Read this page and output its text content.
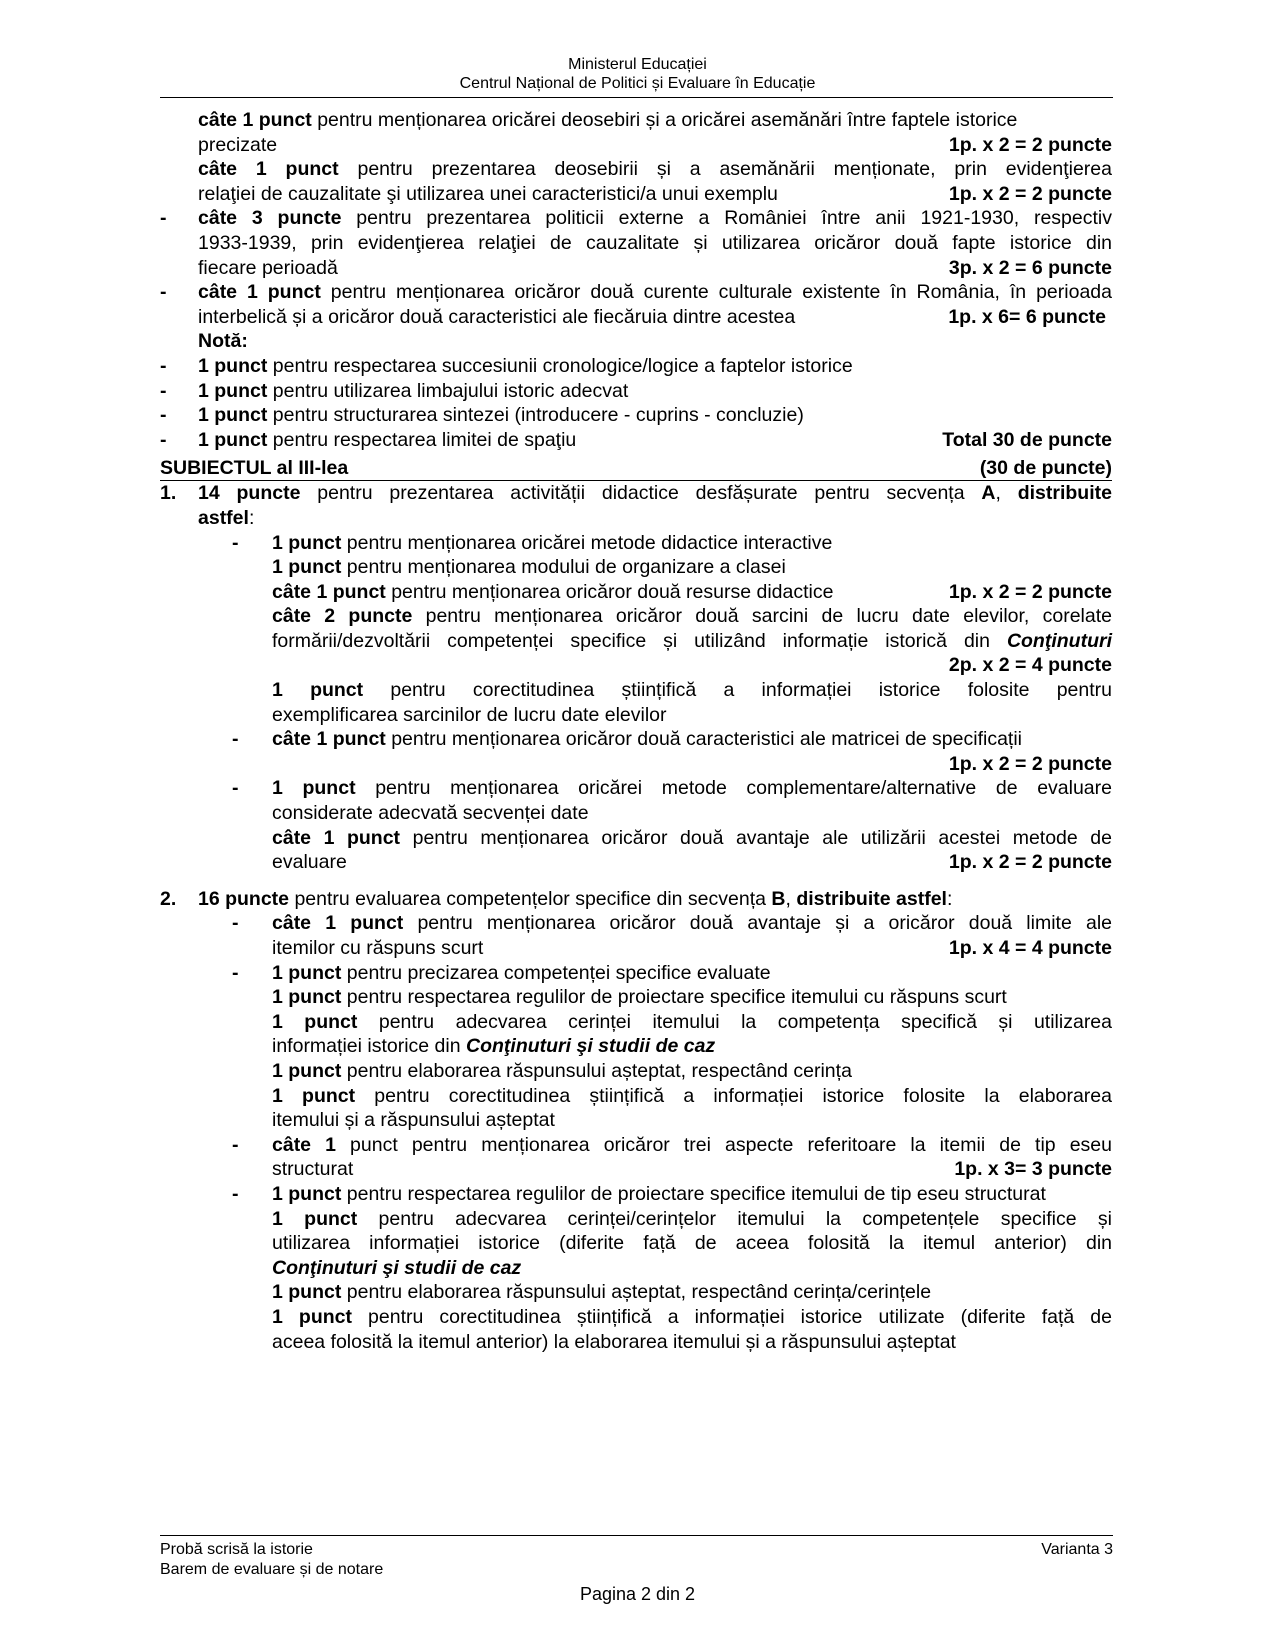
Ministerul Educației
Centrul Național de Politici și Evaluare în Educație
câte 1 punct pentru menționarea oricărei deosebiri și a oricărei asemănări între faptele istorice
precizate	1p. x 2 = 2 puncte
câte 1 punct pentru prezentarea deosebirii și a asemănării menționate, prin evidenţierea
relaţiei de cauzalitate şi utilizarea unei caracteristici/a unui exemplu	1p. x 2 = 2 puncte
- câte 3 puncte pentru prezentarea politicii externe a României între anii 1921-1930, respectiv
1933-1939, prin evidenţierea relaţiei de cauzalitate și utilizarea oricăror două fapte istorice din
fiecare perioadă	3p. x 2 = 6 puncte
- câte 1 punct pentru menționarea oricăror două curente culturale existente în România, în perioada
interbelică și a oricăror două caracteristici ale fiecăruia dintre acestea	1p. x 6= 6 puncte
Notă:
- 1 punct pentru respectarea succesiunii cronologice/logice a faptelor istorice
- 1 punct pentru utilizarea limbajului istoric adecvat
- 1 punct pentru structurarea sintezei (introducere - cuprins - concluzie)
- 1 punct pentru respectarea limitei de spaţiu	Total 30 de puncte
SUBIECTUL al III-lea	(30 de puncte)
1. 14 puncte pentru prezentarea activității didactice desfășurate pentru secvența A, distribuite
astfel:
- 1 punct pentru menționarea oricărei metode didactice interactive
1 punct pentru menționarea modului de organizare a clasei
câte 1 punct pentru menționarea oricăror două resurse didactice	1p. x 2 = 2 puncte
câte 2 puncte pentru menționarea oricăror două sarcini de lucru date elevilor, corelate
formării/dezvoltării competenței specifice și utilizând informație istorică din Conţinuturi
2p. x 2 = 4 puncte
1 punct pentru corectitudinea științifică a informației istorice folosite pentru
exemplificarea sarcinilor de lucru date elevilor
- câte 1 punct pentru menționarea oricăror două caracteristici ale matricei de specificații
1p. x 2 = 2 puncte
- 1 punct pentru menționarea oricărei metode complementare/alternative de evaluare
considerate adecvată secvenței date
câte 1 punct pentru menționarea oricăror două avantaje ale utilizării acestei metode de
evaluare	1p. x 2 = 2 puncte
2. 16 puncte pentru evaluarea competențelor specifice din secvența B, distribuite astfel:
- câte 1 punct pentru menționarea oricăror două avantaje și a oricăror două limite ale
itemilor cu răspuns scurt	1p. x 4 = 4 puncte
- 1 punct pentru precizarea competenței specifice evaluate
1 punct pentru respectarea regulilor de proiectare specifice itemului cu răspuns scurt
1 punct pentru adecvarea cerinței itemului la competența specifică și utilizarea
informației istorice din Conţinuturi şi studii de caz
1 punct pentru elaborarea răspunsului așteptat, respectând cerința
1 punct pentru corectitudinea științifică a informației istorice folosite la elaborarea
itemului și a răspunsului așteptat
- câte 1 punct pentru menționarea oricăror trei aspecte referitoare la itemii de tip eseu
structurat	1p. x 3= 3 puncte
- 1 punct pentru respectarea regulilor de proiectare specifice itemului de tip eseu structurat
1 punct pentru adecvarea cerinței/cerințelor itemului la competențele specifice și
utilizarea informației istorice (diferite față de aceea folosită la itemul anterior) din
Conţinuturi şi studii de caz
1 punct pentru elaborarea răspunsului așteptat, respectând cerința/cerințele
1 punct pentru corectitudinea științifică a informației istorice utilizate (diferite față de
aceea folosită la itemul anterior) la elaborarea itemului și a răspunsului așteptat
Probă scrisă la istorie
Barem de evaluare și de notare
Varianta 3
Pagina 2 din 2
